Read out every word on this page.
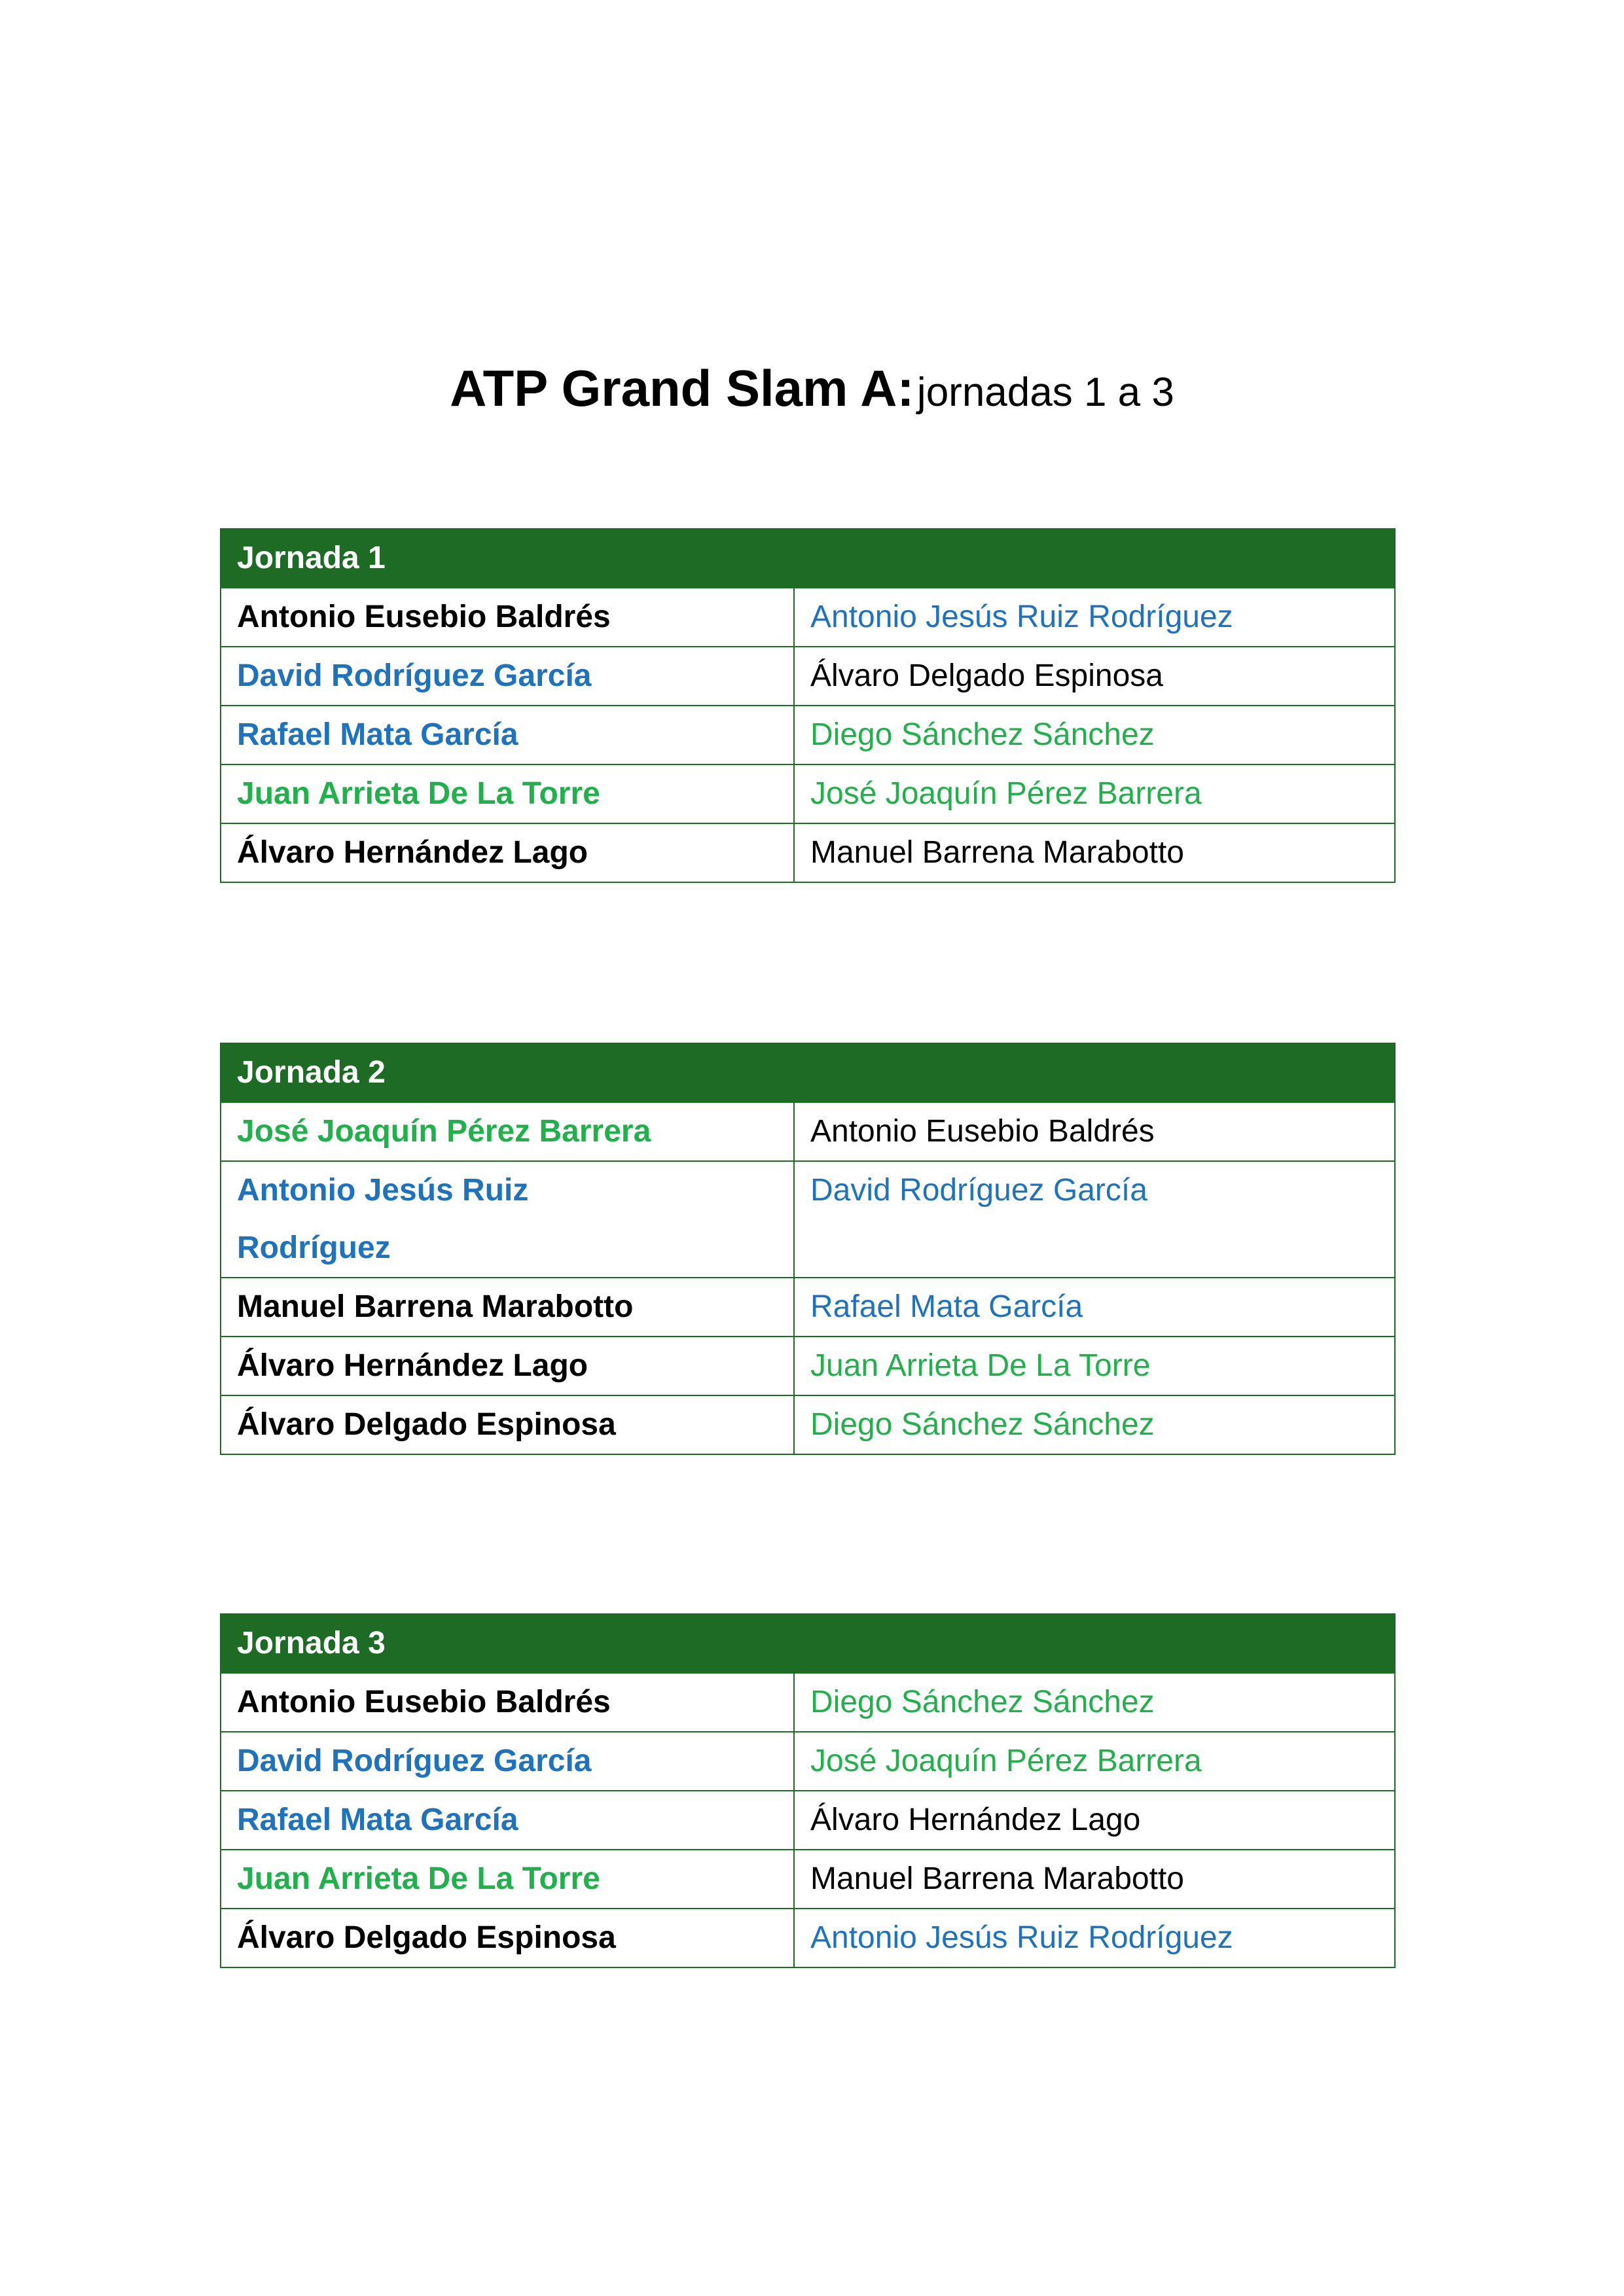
ATP Grand Slam A: jornadas 1 a 3
Jornada 1	

Antonio Eusebio Baldrés	Antonio Jesús Ruiz Rodríguez

David Rodríguez García	Álvaro Delgado Espinosa

Rafael Mata García	Diego Sánchez Sánchez

Juan Arrieta De La Torre	José Joaquín Pérez Barrera

Álvaro Hernández Lago	Manuel Barrena Marabotto
Jornada 2	

José Joaquín Pérez Barrera	Antonio Eusebio Baldrés

Antonio Jesús Ruiz
Rodríguez	David Rodríguez García

Manuel Barrena Marabotto	Rafael Mata García

Álvaro Hernández Lago	Juan Arrieta De La Torre

Álvaro Delgado Espinosa	Diego Sánchez Sánchez
Jornada 3	

Antonio Eusebio Baldrés	Diego Sánchez Sánchez

David Rodríguez García	José Joaquín Pérez Barrera

Rafael Mata García	Álvaro Hernández Lago

Juan Arrieta De La Torre	Manuel Barrena Marabotto

Álvaro Delgado Espinosa	Antonio Jesús Ruiz Rodríguez
